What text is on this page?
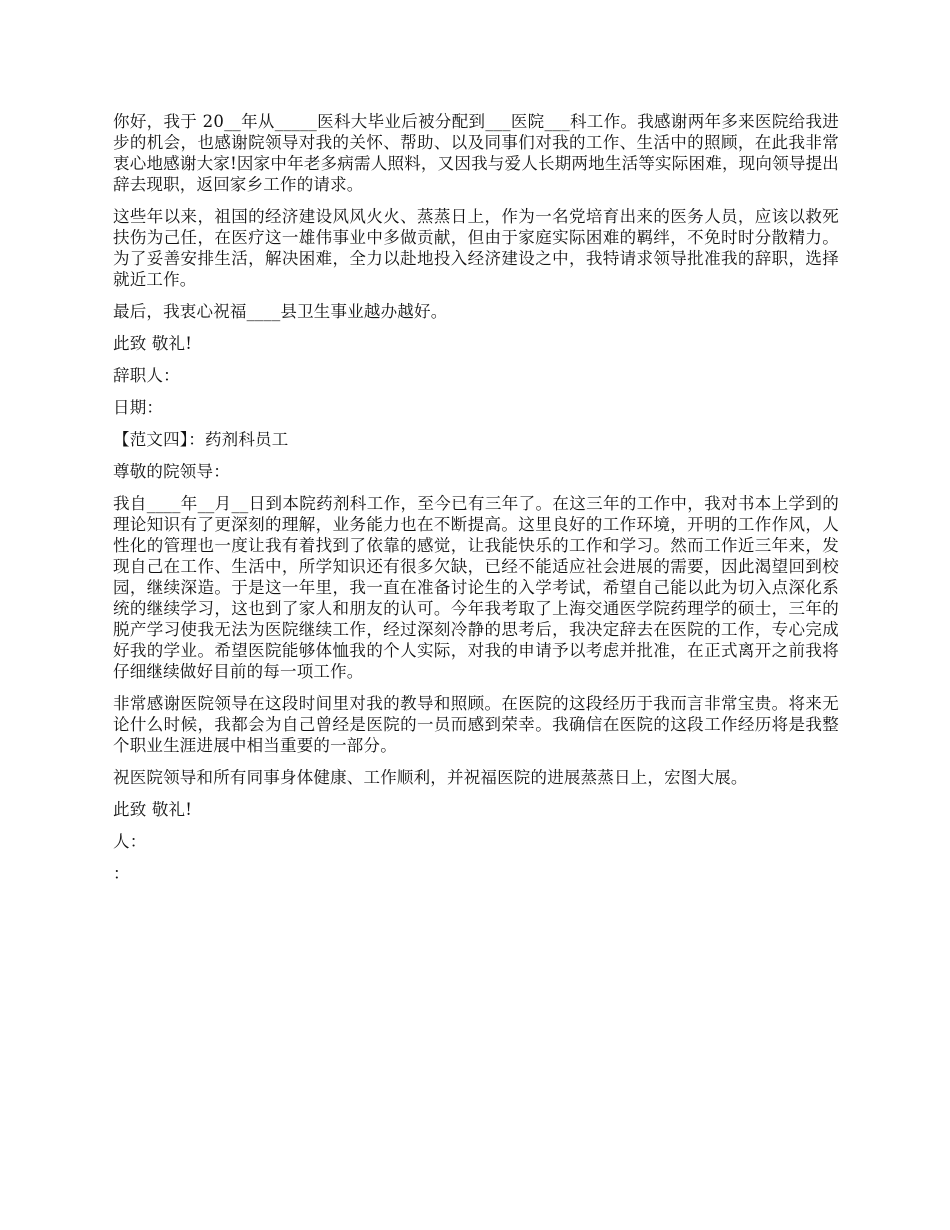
你好，我于 20__年从_____医科大毕业后被分配到___医院___科工作。我感谢两年多来医院给我进步的机会，也感谢院领导对我的关怀、帮助、以及同事们对我的工作、生活中的照顾，在此我非常衷心地感谢大家!因家中年老多病需人照料，又因我与爱人长期两地生活等实际困难，现向领导提出辞去现职，返回家乡工作的请求。

这些年以来，祖国的经济建设风风火火、蒸蒸日上，作为一名党培育出来的医务人员，应该以救死扶伤为己任，在医疗这一雄伟事业中多做贡献，但由于家庭实际困难的羁绊，不免时时分散精力。为了妥善安排生活，解决困难，全力以赴地投入经济建设之中，我特请求领导批准我的辞职，选择就近工作。

最后，我衷心祝福____县卫生事业越办越好。

此致 敬礼!

辞职人：

日期：

【范文四】：药剂科员工

尊敬的院领导：

我自____年__月__日到本院药剂科工作，至今已有三年了。在这三年的工作中，我对书本上学到的理论知识有了更深刻的理解，业务能力也在不断提高。这里良好的工作环境，开明的工作作风，人性化的管理也一度让我有着找到了依靠的感觉，让我能快乐的工作和学习。然而工作近三年来，发现自己在工作、生活中，所学知识还有很多欠缺，已经不能适应社会进展的需要，因此渴望回到校园，继续深造。于是这一年里，我一直在准备讨论生的入学考试，希望自己能以此为切入点深化系统的继续学习，这也到了家人和朋友的认可。今年我考取了上海交通医学院药理学的硕士，三年的脱产学习使我无法为医院继续工作，经过深刻冷静的思考后，我决定辞去在医院的工作，专心完成好我的学业。希望医院能够体恤我的个人实际，对我的申请予以考虑并批准，在正式离开之前我将仔细继续做好目前的每一项工作。

非常感谢医院领导在这段时间里对我的教导和照顾。在医院的这段经历于我而言非常宝贵。将来无论什么时候，我都会为自己曾经是医院的一员而感到荣幸。我确信在医院的这段工作经历将是我整个职业生涯进展中相当重要的一部分。

祝医院领导和所有同事身体健康、工作顺利，并祝福医院的进展蒸蒸日上，宏图大展。

此致 敬礼!

人：

：
